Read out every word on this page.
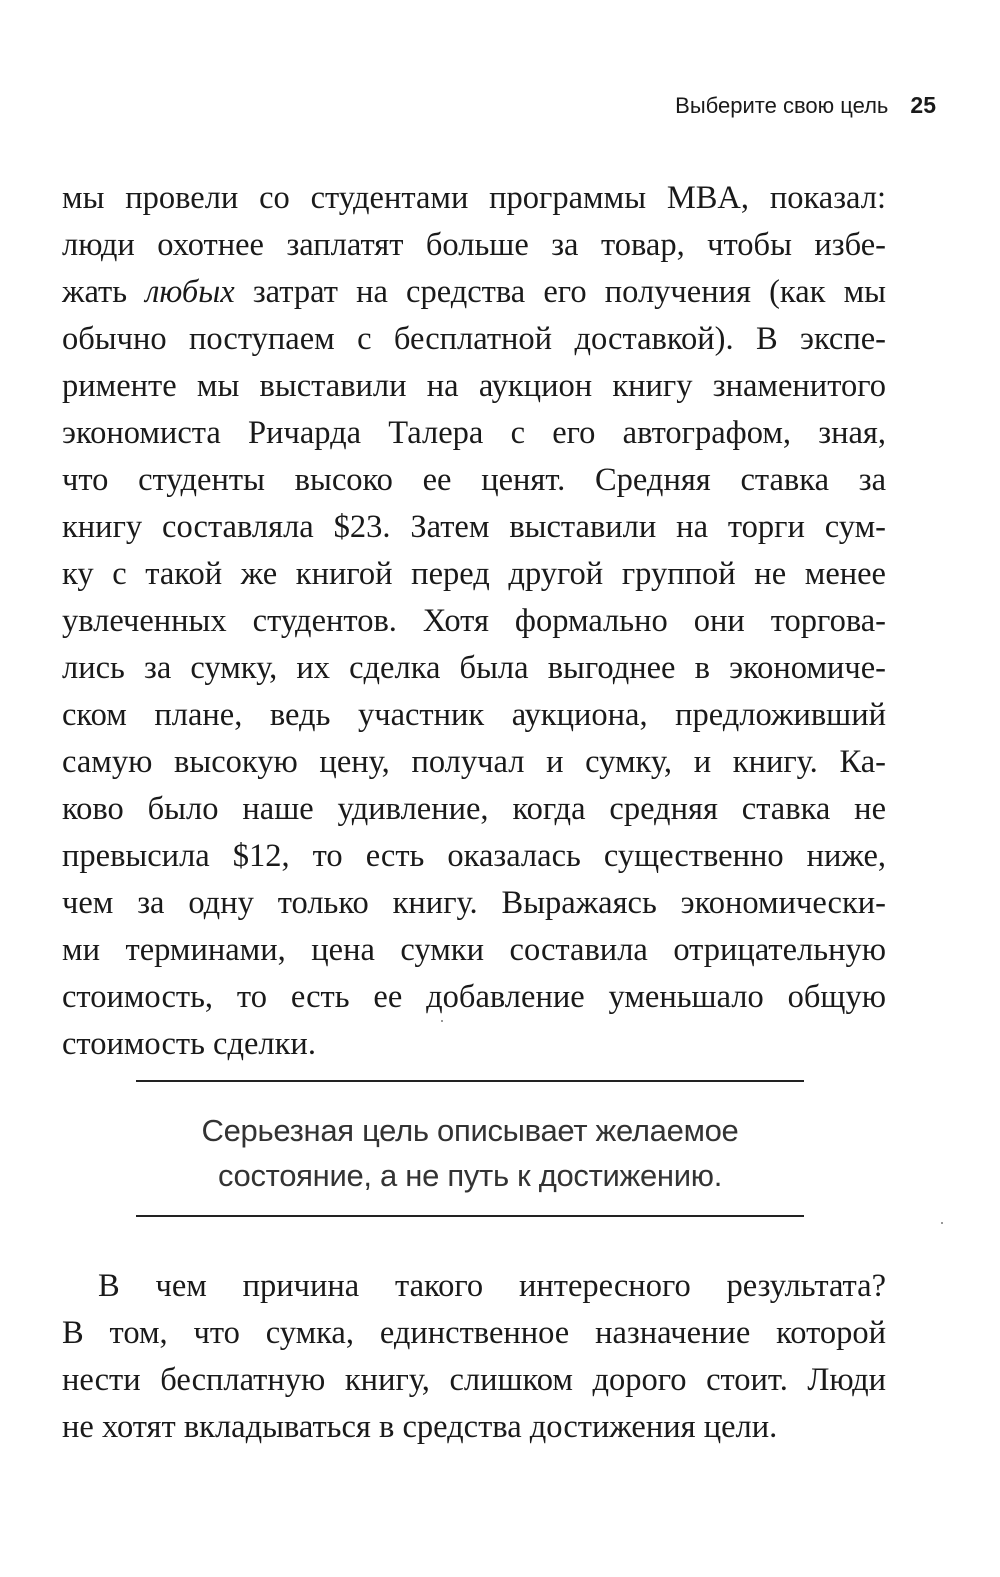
Выберите свою цель 25
мы провели со студентами программы MBA, показал:
люди охотнее заплатят больше за товар, чтобы избе-
жать любых затрат на средства его получения (как мы
обычно поступаем с бесплатной доставкой). В экспе-
рименте мы выставили на аукцион книгу знаменитого
экономиста Ричарда Талера с его автографом, зная,
что студенты высоко ее ценят. Средняя ставка за
книгу составляла $23. Затем выставили на торги сум-
ку с такой же книгой перед другой группой не менее
увлеченных студентов. Хотя формально они торгова-
лись за сумку, их сделка была выгоднее в экономиче-
ском плане, ведь участник аукциона, предложивший
самую высокую цену, получал и сумку, и книгу. Ка-
ково было наше удивление, когда средняя ставка не
превысила $12, то есть оказалась существенно ниже,
чем за одну только книгу. Выражаясь экономически-
ми терминами, цена сумки составила отрицательную
стоимость, то есть ее добавление уменьшало общую
стоимость сделки.
Серьезная цель описывает желаемое
состояние, а не путь к достижению.
В чем причина такого интересного результата?
В том, что сумка, единственное назначение которой
нести бесплатную книгу, слишком дорого стоит. Люди
не хотят вкладываться в средства достижения цели.
